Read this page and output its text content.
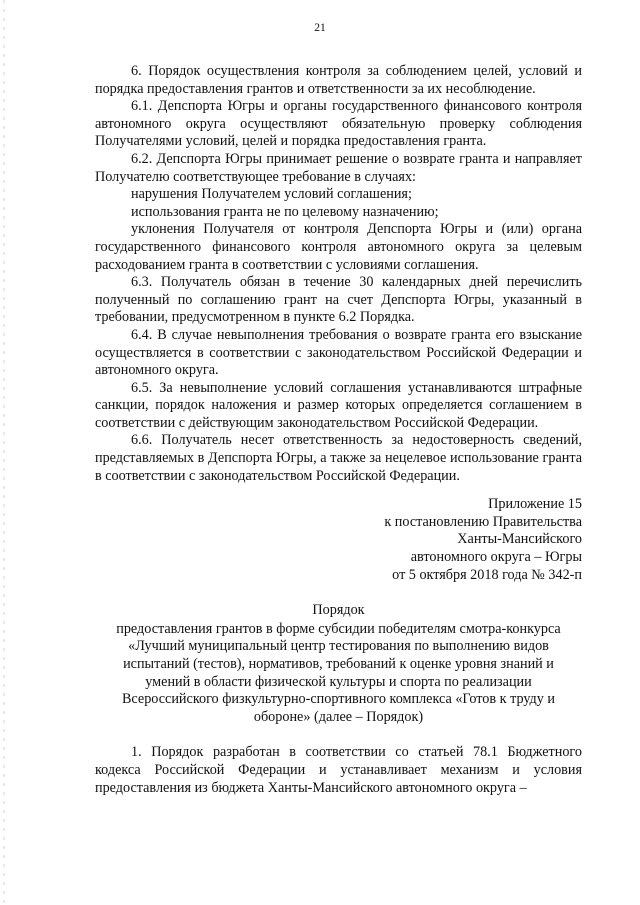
21

6. Порядок осуществления контроля за соблюдением целей, условий и порядка предоставления грантов и ответственности за их несоблюдение.

6.1. Депспорта Югры и органы государственного финансового контроля автономного округа осуществляют обязательную проверку соблюдения Получателями условий, целей и порядка предоставления гранта.

6.2. Депспорта Югры принимает решение о возврате гранта и направляет Получателю соответствующее требование в случаях:

нарушения Получателем условий соглашения;

использования гранта не по целевому назначению;

уклонения Получателя от контроля Депспорта Югры и (или) органа государственного финансового контроля автономного округа за целевым расходованием гранта в соответствии с условиями соглашения.

6.3. Получатель обязан в течение 30 календарных дней перечислить полученный по соглашению грант на счет Депспорта Югры, указанный в требовании, предусмотренном в пункте 6.2 Порядка.

6.4. В случае невыполнения требования о возврате гранта его взыскание осуществляется в соответствии с законодательством Российской Федерации и автономного округа.

6.5. За невыполнение условий соглашения устанавливаются штрафные санкции, порядок наложения и размер которых определяется соглашением в соответствии с действующим законодательством Российской Федерации.

6.6. Получатель несет ответственность за недостоверность сведений, представляемых в Депспорта Югры, а также за нецелевое использование гранта в соответствии с законодательством Российской Федерации.

Приложение 15
к постановлению Правительства
Ханты-Мансийского
автономного округа – Югры
от 5 октября 2018 года № 342-п
Порядок
предоставления грантов в форме субсидии победителям смотра-конкурса
«Лучший муниципальный центр тестирования по выполнению видов
испытаний (тестов), нормативов, требований к оценке уровня знаний и
умений в области физической культуры и спорта по реализации
Всероссийского физкультурно-спортивного комплекса «Готов к труду и
обороне» (далее – Порядок)

1. Порядок разработан в соответствии со статьей 78.1 Бюджетного кодекса Российской Федерации и устанавливает механизм и условия предоставления из бюджета Ханты-Мансийского автономного округа –
